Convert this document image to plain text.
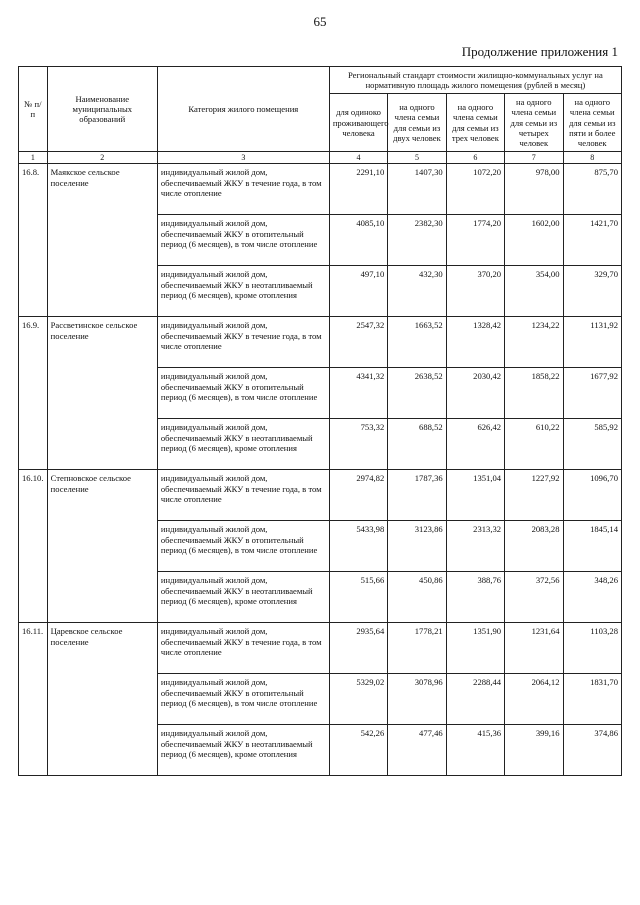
65
Продолжение приложения 1
№ п/п	Наименование муниципальных образований	Категория жилого помещения	Региональный стандарт стоимости жилищно-коммунальных услуг на нормативную площадь жилого помещения (рублей в месяц)				
			для одиноко проживающего человека	на одного члена семьи для семьи из двух человек	на одного члена семьи для семьи из трех человек	на одного члена семьи для семьи из четырех человек	на одного члена семьи для семьи из пяти и более человек
1	2	3	4	5	6	7	8
16.8.	Маякское сельское поселение	индивидуальный жилой дом, обеспечиваемый ЖКУ в течение года, в том числе отопление	2291,10	1407,30	1072,20	978,00	875,70
		индивидуальный жилой дом, обеспечиваемый ЖКУ в отопительный период (6 месяцев), в том числе отопление	4085,10	2382,30	1774,20	1602,00	1421,70
		индивидуальный жилой дом, обеспечиваемый ЖКУ в неотапливаемый период (6 месяцев), кроме отопления	497,10	432,30	370,20	354,00	329,70
16.9.	Рассветинское сельское поселение	индивидуальный жилой дом, обеспечиваемый ЖКУ в течение года, в том числе отопление	2547,32	1663,52	1328,42	1234,22	1131,92
		индивидуальный жилой дом, обеспечиваемый ЖКУ в отопительный период (6 месяцев), в том числе отопление	4341,32	2638,52	2030,42	1858,22	1677,92
		индивидуальный жилой дом, обеспечиваемый ЖКУ в неотапливаемый период (6 месяцев), кроме отопления	753,32	688,52	626,42	610,22	585,92
16.10.	Степновское сельское поселение	индивидуальный жилой дом, обеспечиваемый ЖКУ в течение года, в том числе отопление	2974,82	1787,36	1351,04	1227,92	1096,70
		индивидуальный жилой дом, обеспечиваемый ЖКУ в отопительный период (6 месяцев), в том числе отопление	5433,98	3123,86	2313,32	2083,28	1845,14
		индивидуальный жилой дом, обеспечиваемый ЖКУ в неотапливаемый период (6 месяцев), кроме отопления	515,66	450,86	388,76	372,56	348,26
16.11.	Царевское сельское поселение	индивидуальный жилой дом, обеспечиваемый ЖКУ в течение года, в том числе отопление	2935,64	1778,21	1351,90	1231,64	1103,28
		индивидуальный жилой дом, обеспечиваемый ЖКУ в отопительный период (6 месяцев), в том числе отопление	5329,02	3078,96	2288,44	2064,12	1831,70
		индивидуальный жилой дом, обеспечиваемый ЖКУ в неотапливаемый период (6 месяцев), кроме отопления	542,26	477,46	415,36	399,16	374,86
